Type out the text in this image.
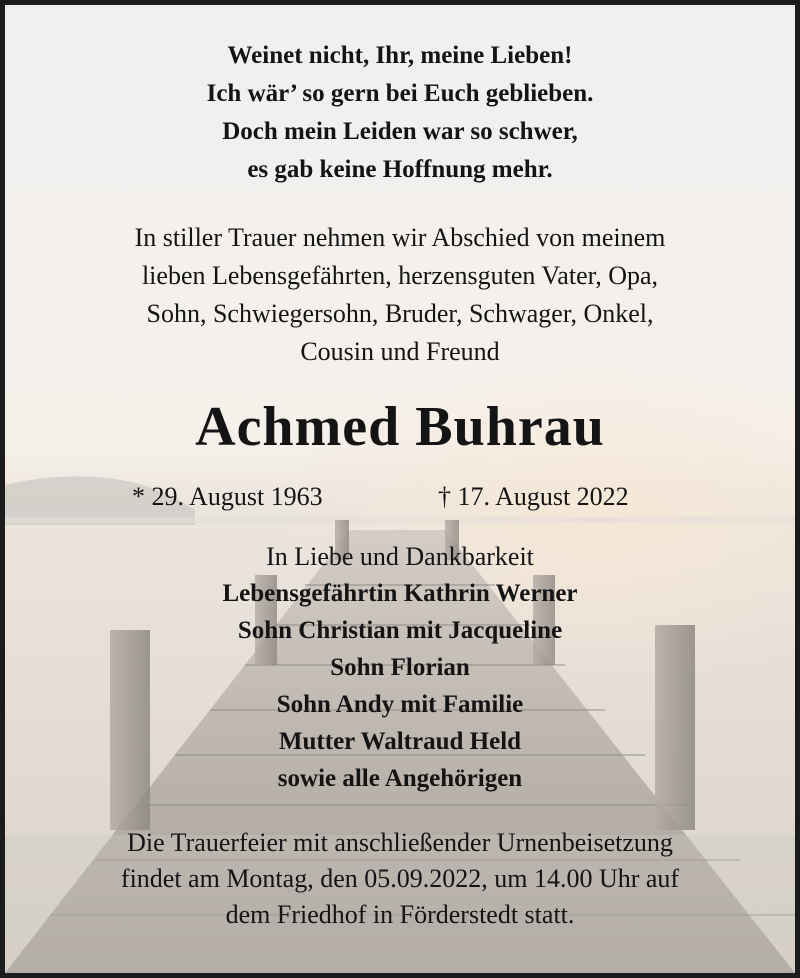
Weinet nicht, Ihr, meine Lieben!
Ich wär’ so gern bei Euch geblieben.
Doch mein Leiden war so schwer,
es gab keine Hoffnung mehr.
In stiller Trauer nehmen wir Abschied von meinem
lieben Lebensgefährten, herzensguten Vater, Opa,
Sohn, Schwiegersohn, Bruder, Schwager, Onkel,
Cousin und Freund
Achmed Buhrau
* 29. August 1963	† 17. August 2022
In Liebe und Dankbarkeit
Lebensgefährtin Kathrin Werner
Sohn Christian mit Jacqueline
Sohn Florian
Sohn Andy mit Familie
Mutter Waltraud Held
sowie alle Angehörigen
Die Trauerfeier mit anschließender Urnenbeisetzung
findet am Montag, den 05.09.2022, um 14.00 Uhr auf
dem Friedhof in Förderstedt statt.
